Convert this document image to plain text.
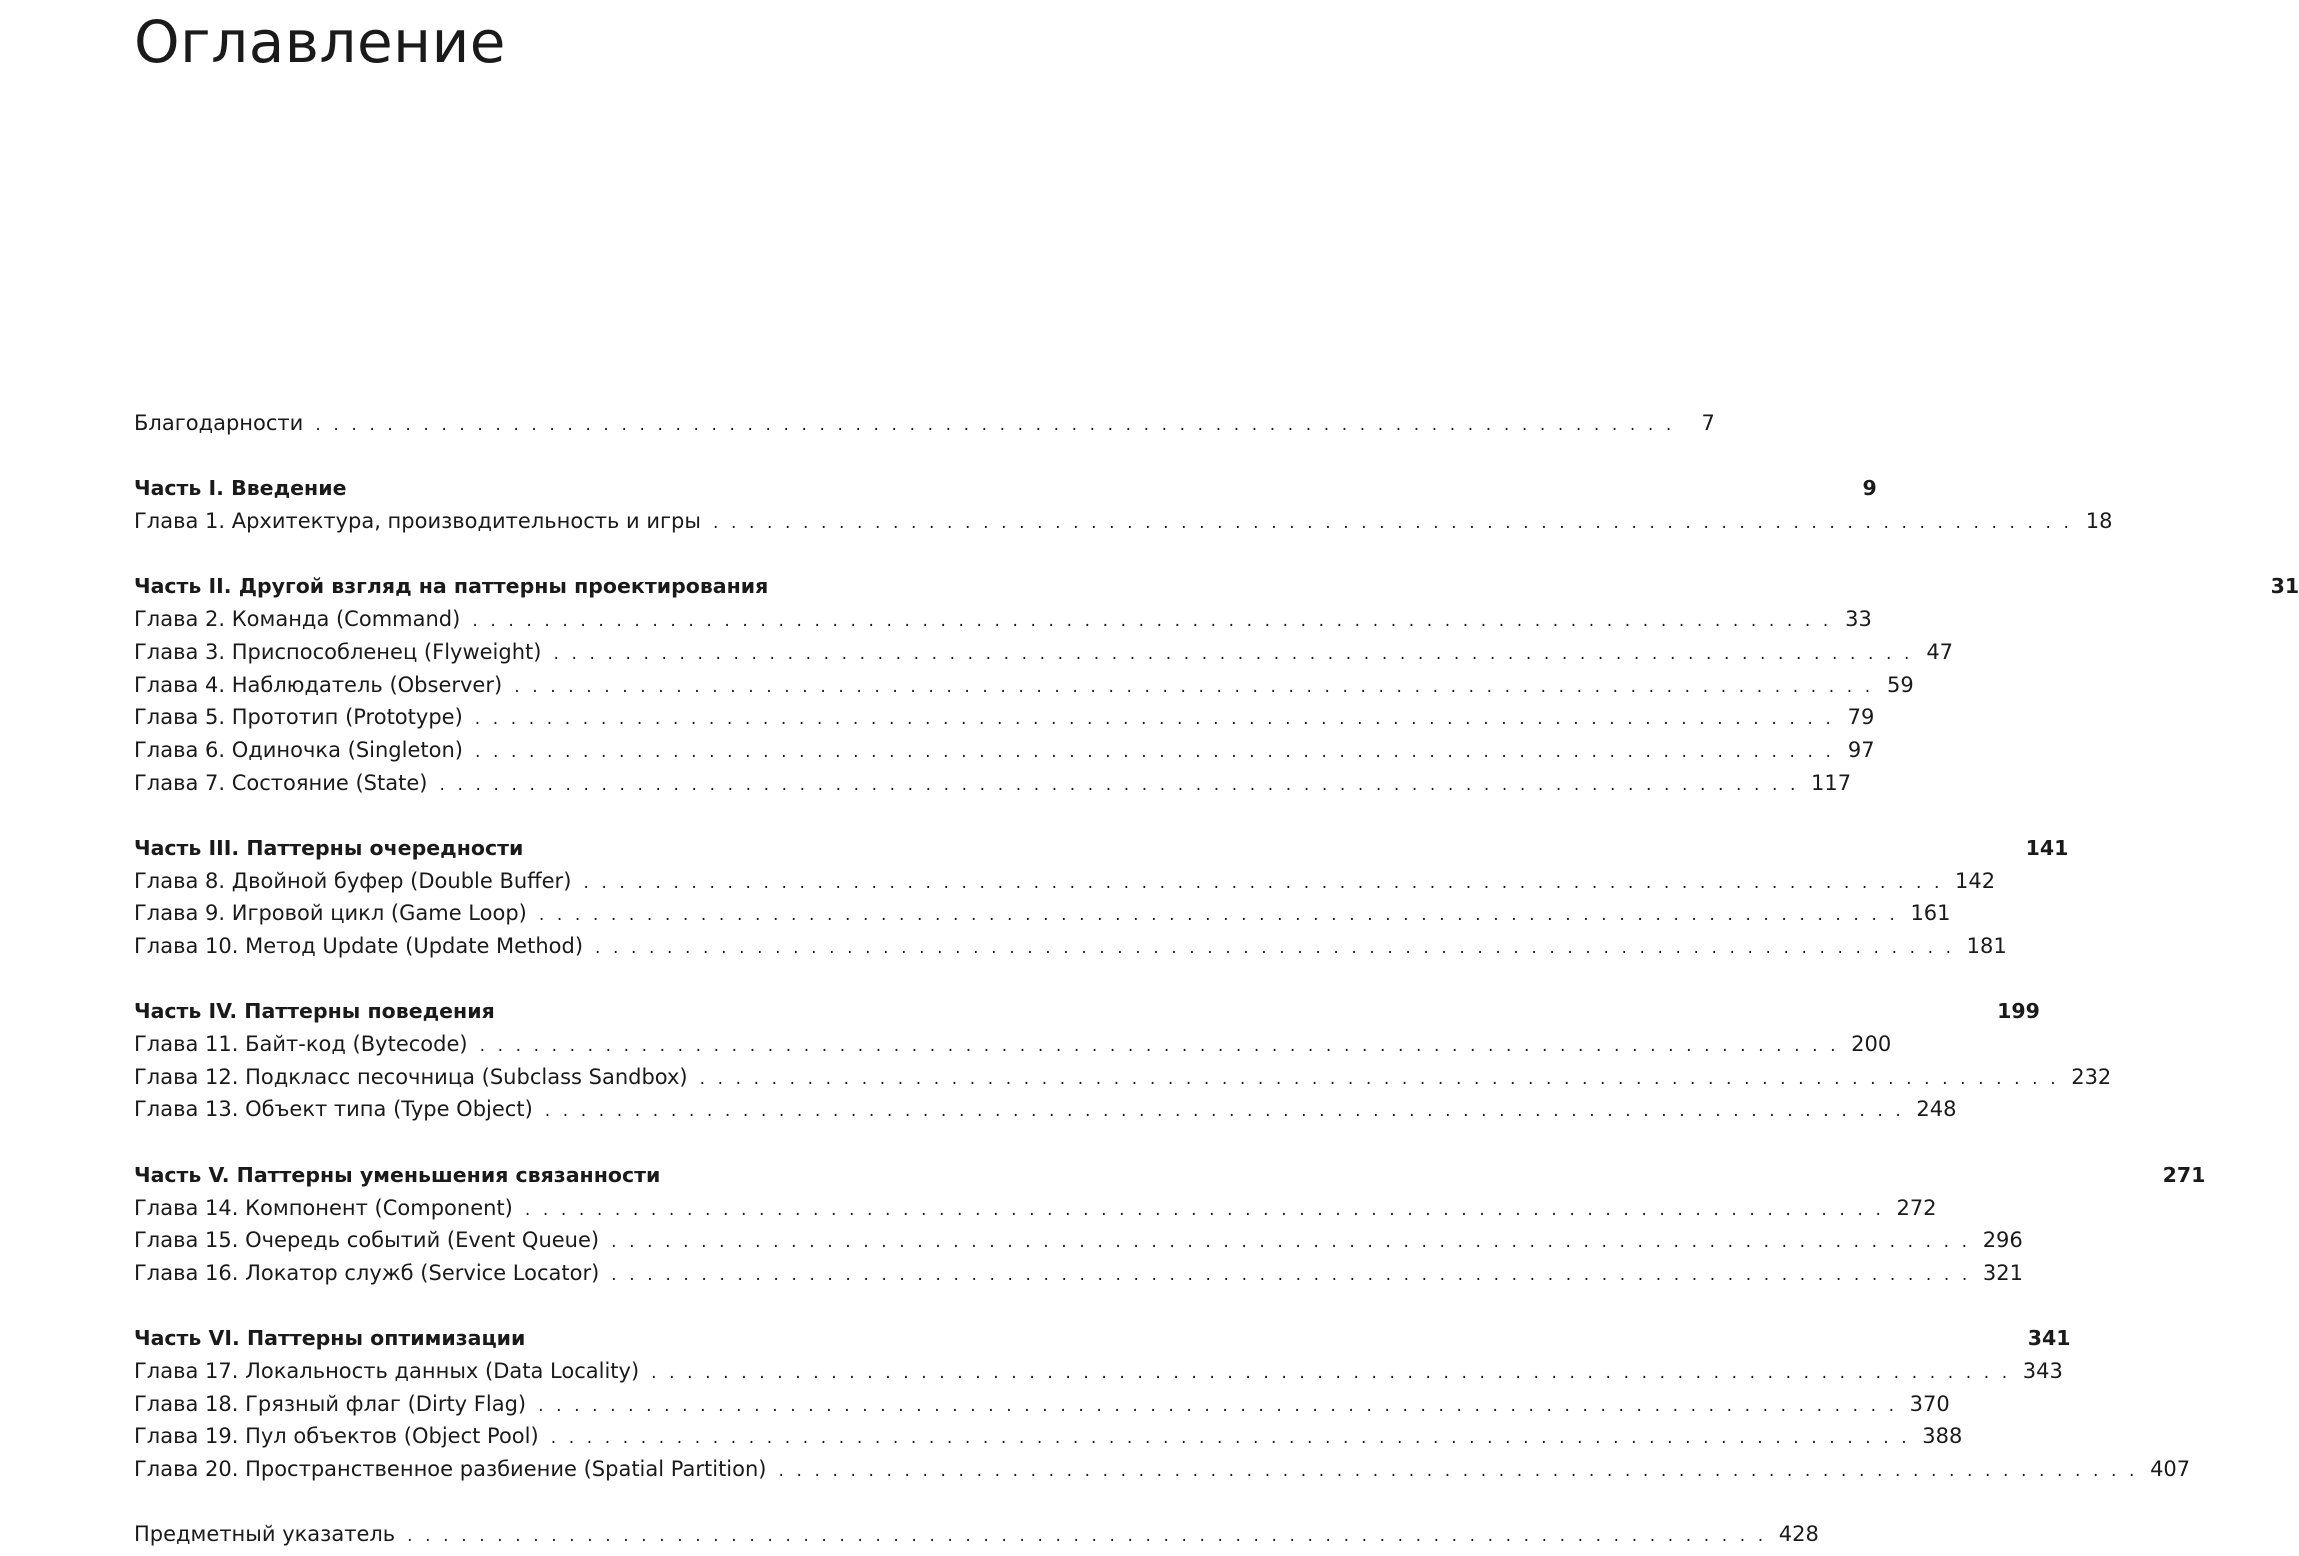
Оглавление
Благодарности . . . . . . . . . . . . . . . . . . . . . . . . . . . . . . . . . . . . . . . . . . . . . . . . . . . . . . . . . . . . . . . . . . . . . . . . . . . .	7
Часть I. Введение	9
Глава 1. Архитектура, производительность и игры . . . . . . . . . . . . . . . . . . . . . . . . . . . . . . . . . . . . . . . . . . . . . . . . . . . . . . . . . . . . . . . . . . . . . . . . . . . . 18
Часть II. Другой взгляд на паттерны проектирования	31
Глава 2. Команда (Command) . . . . . . . . . . . . . . . . . . . . . . . . . . . . . . . . . . . . . . . . . . . . . . . . . . . . . . . . . . . . . . . . . . . . . . . . . . . . 33
Глава 3. Приспособленец (Flyweight) . . . . . . . . . . . . . . . . . . . . . . . . . . . . . . . . . . . . . . . . . . . . . . . . . . . . . . . . . . . . . . . . . . . . . . . . . . . . 47
Глава 4. Наблюдатель (Observer) . . . . . . . . . . . . . . . . . . . . . . . . . . . . . . . . . . . . . . . . . . . . . . . . . . . . . . . . . . . . . . . . . . . . . . . . . . . . 59
Глава 5. Прототип (Prototype) . . . . . . . . . . . . . . . . . . . . . . . . . . . . . . . . . . . . . . . . . . . . . . . . . . . . . . . . . . . . . . . . . . . . . . . . . . . . 79
Глава 6. Одиночка (Singleton) . . . . . . . . . . . . . . . . . . . . . . . . . . . . . . . . . . . . . . . . . . . . . . . . . . . . . . . . . . . . . . . . . . . . . . . . . . . . 97
Глава 7. Состояние (State) . . . . . . . . . . . . . . . . . . . . . . . . . . . . . . . . . . . . . . . . . . . . . . . . . . . . . . . . . . . . . . . . . . . . . . . . . . . . 117
Часть III. Паттерны очередности	141
Глава 8. Двойной буфер (Double Buffer) . . . . . . . . . . . . . . . . . . . . . . . . . . . . . . . . . . . . . . . . . . . . . . . . . . . . . . . . . . . . . . . . . . . . . . . . . . . . 142
Глава 9. Игровой цикл (Game Loop) . . . . . . . . . . . . . . . . . . . . . . . . . . . . . . . . . . . . . . . . . . . . . . . . . . . . . . . . . . . . . . . . . . . . . . . . . . . . 161
Глава 10. Метод Update (Update Method) . . . . . . . . . . . . . . . . . . . . . . . . . . . . . . . . . . . . . . . . . . . . . . . . . . . . . . . . . . . . . . . . . . . . . . . . . . . . 181
Часть IV. Паттерны поведения	199
Глава 11. Байт-код (Bytecode) . . . . . . . . . . . . . . . . . . . . . . . . . . . . . . . . . . . . . . . . . . . . . . . . . . . . . . . . . . . . . . . . . . . . . . . . . . . . 200
Глава 12. Подкласс песочница (Subclass Sandbox) . . . . . . . . . . . . . . . . . . . . . . . . . . . . . . . . . . . . . . . . . . . . . . . . . . . . . . . . . . . . . . . . . . . . . . . . . . . . 232
Глава 13. Объект типа (Type Object) . . . . . . . . . . . . . . . . . . . . . . . . . . . . . . . . . . . . . . . . . . . . . . . . . . . . . . . . . . . . . . . . . . . . . . . . . . . . 248
Часть V. Паттерны уменьшения связанности	271
Глава 14. Компонент (Component) . . . . . . . . . . . . . . . . . . . . . . . . . . . . . . . . . . . . . . . . . . . . . . . . . . . . . . . . . . . . . . . . . . . . . . . . . . . . 272
Глава 15. Очередь событий (Event Queue) . . . . . . . . . . . . . . . . . . . . . . . . . . . . . . . . . . . . . . . . . . . . . . . . . . . . . . . . . . . . . . . . . . . . . . . . . . . . 296
Глава 16. Локатор служб (Service Locator) . . . . . . . . . . . . . . . . . . . . . . . . . . . . . . . . . . . . . . . . . . . . . . . . . . . . . . . . . . . . . . . . . . . . . . . . . . . . 321
Часть VI. Паттерны оптимизации	341
Глава 17. Локальность данных (Data Locality) . . . . . . . . . . . . . . . . . . . . . . . . . . . . . . . . . . . . . . . . . . . . . . . . . . . . . . . . . . . . . . . . . . . . . . . . . . . . 343
Глава 18. Грязный флаг (Dirty Flag) . . . . . . . . . . . . . . . . . . . . . . . . . . . . . . . . . . . . . . . . . . . . . . . . . . . . . . . . . . . . . . . . . . . . . . . . . . . . 370
Глава 19. Пул объектов (Object Pool) . . . . . . . . . . . . . . . . . . . . . . . . . . . . . . . . . . . . . . . . . . . . . . . . . . . . . . . . . . . . . . . . . . . . . . . . . . . . 388
Глава 20. Пространственное разбиение (Spatial Partition) . . . . . . . . . . . . . . . . . . . . . . . . . . . . . . . . . . . . . . . . . . . . . . . . . . . . . . . . . . . . . . . . . . . . . . . . . . . . 407
Предметный указатель . . . . . . . . . . . . . . . . . . . . . . . . . . . . . . . . . . . . . . . . . . . . . . . . . . . . . . . . . . . . . . . . . . . . . . . . . . . . 428
